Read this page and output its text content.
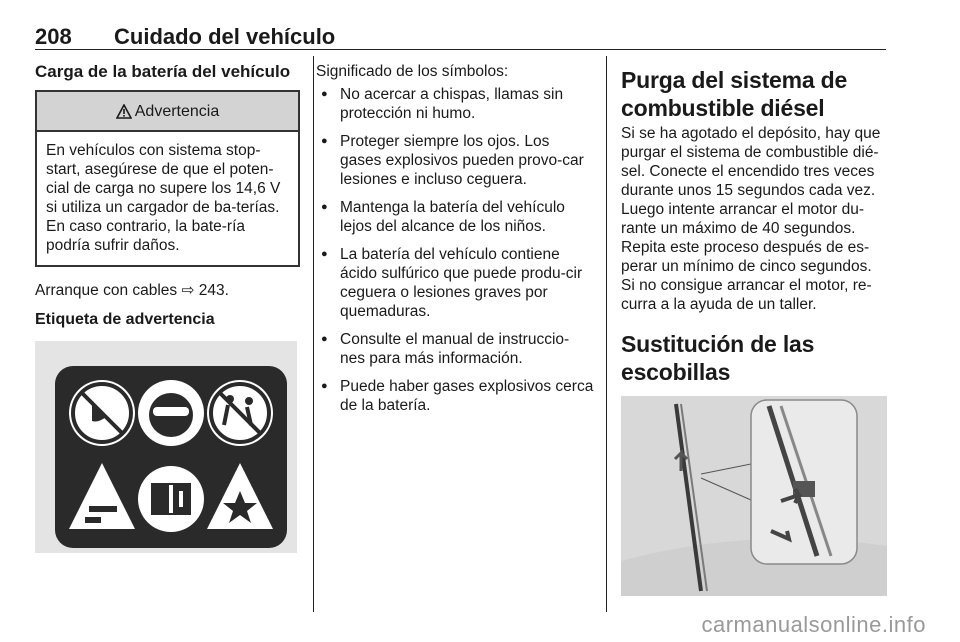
208 Cuidado del vehículo
Carga de la batería del vehículo
Advertencia
En vehículos con sistema stop-start, asegúrese de que el poten-cial de carga no supere los 14,6 V si utiliza un cargador de ba-terías. En caso contrario, la bate-ría podría sufrir daños.

Arranque con cables ⇨ 243.

Etiqueta de advertencia

Significado de los símbolos:

● No acercar a chispas, llamas sin protección ni humo.
● Proteger siempre los ojos. Los gases explosivos pueden provo-car lesiones e incluso ceguera.
● Mantenga la batería del vehículo lejos del alcance de los niños.
● La batería del vehículo contiene ácido sulfúrico que puede produ-cir ceguera o lesiones graves por quemaduras.
● Consulte el manual de instruccio-nes para más información.
● Puede haber gases explosivos cerca de la batería.
Purga del sistema de combustible diésel

Si se ha agotado el depósito, hay que purgar el sistema de combustible dié-sel. Conecte el encendido tres veces durante unos 15 segundos cada vez. Luego intente arrancar el motor du-rante un máximo de 40 segundos. Repita este proceso después de es-perar un mínimo de cinco segundos. Si no consigue arrancar el motor, re-curra a la ayuda de un taller.

Sustitución de las escobillas
carmanualsonline.info
